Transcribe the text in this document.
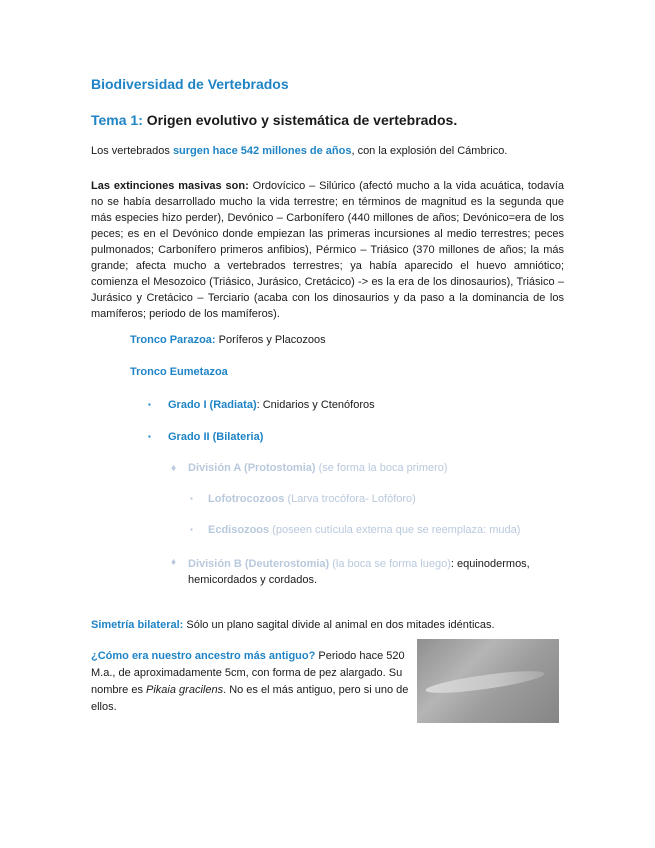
Biodiversidad de Vertebrados
Tema 1: Origen evolutivo y sistemática de vertebrados.
Los vertebrados surgen hace 542 millones de años, con la explosión del Cámbrico.
Las extinciones masivas son: Ordovícico – Silúrico (afectó mucho a la vida acuática, todavía no se había desarrollado mucho la vida terrestre; en términos de magnitud es la segunda que más especies hizo perder), Devónico – Carbonífero (440 millones de años; Devónico=era de los peces; es en el Devónico donde empiezan las primeras incursiones al medio terrestres; peces pulmonados; Carbonífero primeros anfibios), Pérmico – Triásico (370 millones de años; la más grande; afecta mucho a vertebrados terrestres; ya había aparecido el huevo amniótico; comienza el Mesozoico (Triásico, Jurásico, Cretácico) -> es la era de los dinosaurios), Triásico – Jurásico y Cretácico – Terciario (acaba con los dinosaurios y da paso a la dominancia de los mamíferos; periodo de los mamíferos).
Tronco Parazoa: Poríferos y Placozoos
Tronco Eumetazoa
▪ Grado I (Radiata): Cnidarios y Ctenóforos
▪ Grado II (Bilateria)
♦ División A (Protostomia) (se forma la boca primero)
▪ Lofotrocozoos (Larva trocófora- Lofóforo)
▪ Ecdisozoos (poseen cutícula externa que se reemplaza: muda)
♦ División B (Deuterostomia) (la boca se forma luego): equinodermos,
hemicordados y cordados.
Simetría bilateral: Sólo un plano sagital divide al animal en dos mitades idénticas.
¿Cómo era nuestro ancestro más antiguo? Periodo hace 520 M.a., de aproximadamente 5cm, con forma de pez alargado. Su nombre es Pikaia gracilens. No es el más antiguo, pero si uno de ellos.
